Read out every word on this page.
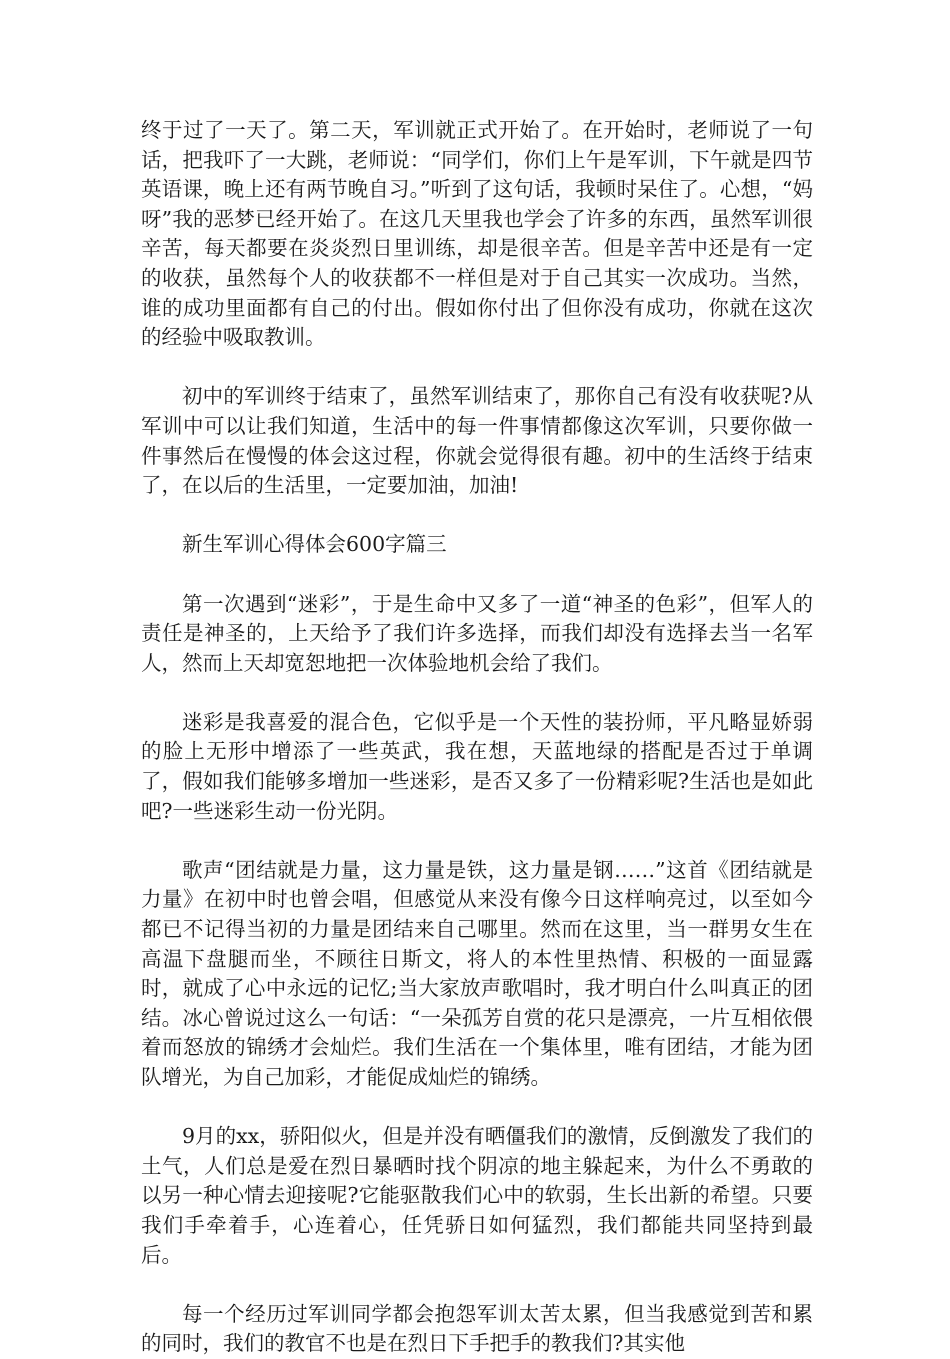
终于过了一天了。第二天，军训就正式开始了。在开始时，老师说了一句话，把我吓了一大跳，老师说：“同学们，你们上午是军训，下午就是四节英语课，晚上还有两节晚自习。”听到了这句话，我顿时呆住了。心想，“妈呀”我的恶梦已经开始了。在这几天里我也学会了许多的东西，虽然军训很辛苦，每天都要在炎炎烈日里训练，却是很辛苦。但是辛苦中还是有一定的收获，虽然每个人的收获都不一样但是对于自己其实一次成功。当然，谁的成功里面都有自己的付出。假如你付出了但你没有成功，你就在这次的经验中吸取教训。

初中的军训终于结束了，虽然军训结束了，那你自己有没有收获呢?从军训中可以让我们知道，生活中的每一件事情都像这次军训，只要你做一件事然后在慢慢的体会这过程，你就会觉得很有趣。初中的生活终于结束了，在以后的生活里，一定要加油，加油!

新生军训心得体会600字篇三

第一次遇到“迷彩”，于是生命中又多了一道“神圣的色彩”，但军人的责任是神圣的，上天给予了我们许多选择，而我们却没有选择去当一名军人，然而上天却宽恕地把一次体验地机会给了我们。

迷彩是我喜爱的混合色，它似乎是一个天性的装扮师，平凡略显娇弱的脸上无形中增添了一些英武，我在想，天蓝地绿的搭配是否过于单调了，假如我们能够多增加一些迷彩，是否又多了一份精彩呢?生活也是如此吧?一些迷彩生动一份光阴。

歌声“团结就是力量，这力量是铁，这力量是钢……”这首《团结就是力量》在初中时也曾会唱，但感觉从来没有像今日这样响亮过，以至如今都已不记得当初的力量是团结来自己哪里。然而在这里，当一群男女生在高温下盘腿而坐，不顾往日斯文，将人的本性里热情、积极的一面显露时，就成了心中永远的记忆;当大家放声歌唱时，我才明白什么叫真正的团结。冰心曾说过这么一句话：“一朵孤芳自赏的花只是漂亮，一片互相依偎着而怒放的锦绣才会灿烂。我们生活在一个集体里，唯有团结，才能为团队增光，为自己加彩，才能促成灿烂的锦绣。

9月的xx，骄阳似火，但是并没有晒僵我们的激情，反倒激发了我们的土气，人们总是爱在烈日暴晒时找个阴凉的地主躲起来，为什么不勇敢的以另一种心情去迎接呢?它能驱散我们心中的软弱，生长出新的希望。只要我们手牵着手，心连着心，任凭骄日如何猛烈，我们都能共同坚持到最后。

每一个经历过军训同学都会抱怨军训太苦太累，但当我感觉到苦和累的同时，我们的教官不也是在烈日下手把手的教我们?其实他
